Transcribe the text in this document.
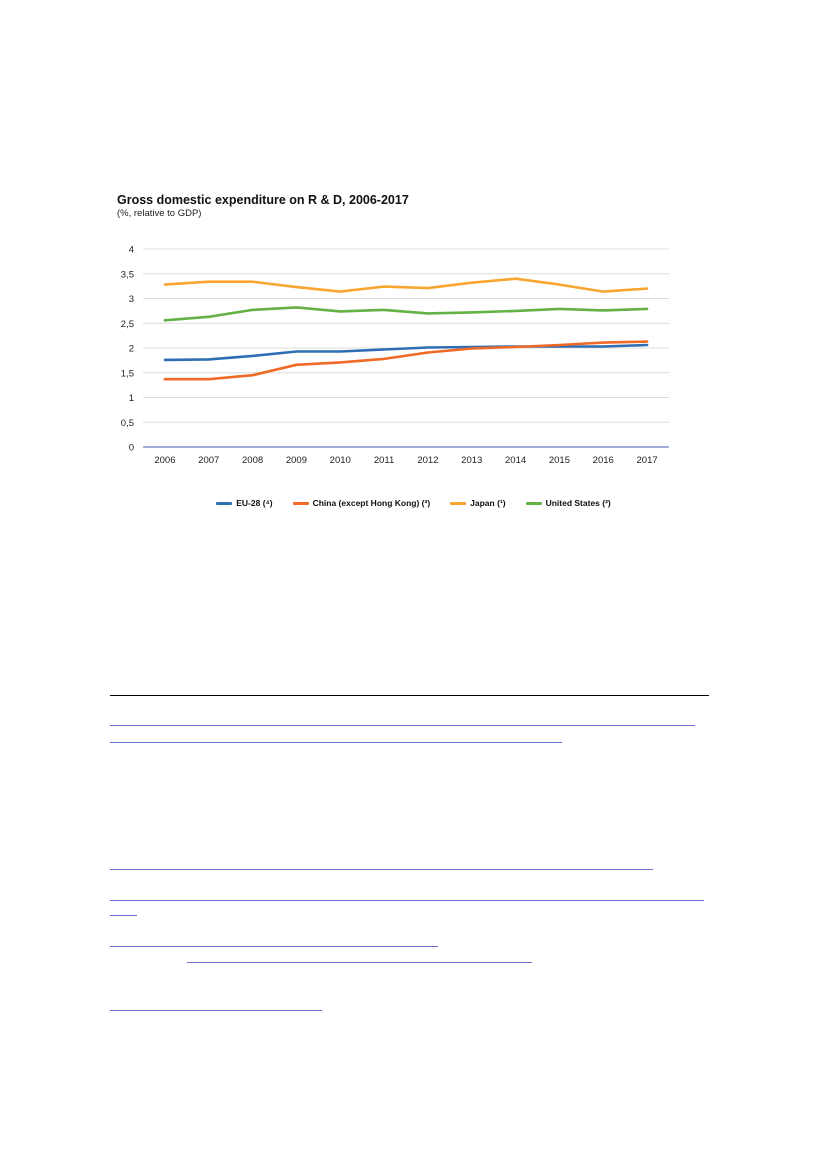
Gross domestic expenditure on R & D, 2006-2017
(%, relative to GDP)
0
0,5
1
1,5
2
2,5
3
3,5
4
2006 2007 2008 2009 2010 2011 2012 2013 2014 2015 2016 2017
EU-28 (⁴)	China (except Hong Kong) (³)	Japan (¹)	United States (²)
